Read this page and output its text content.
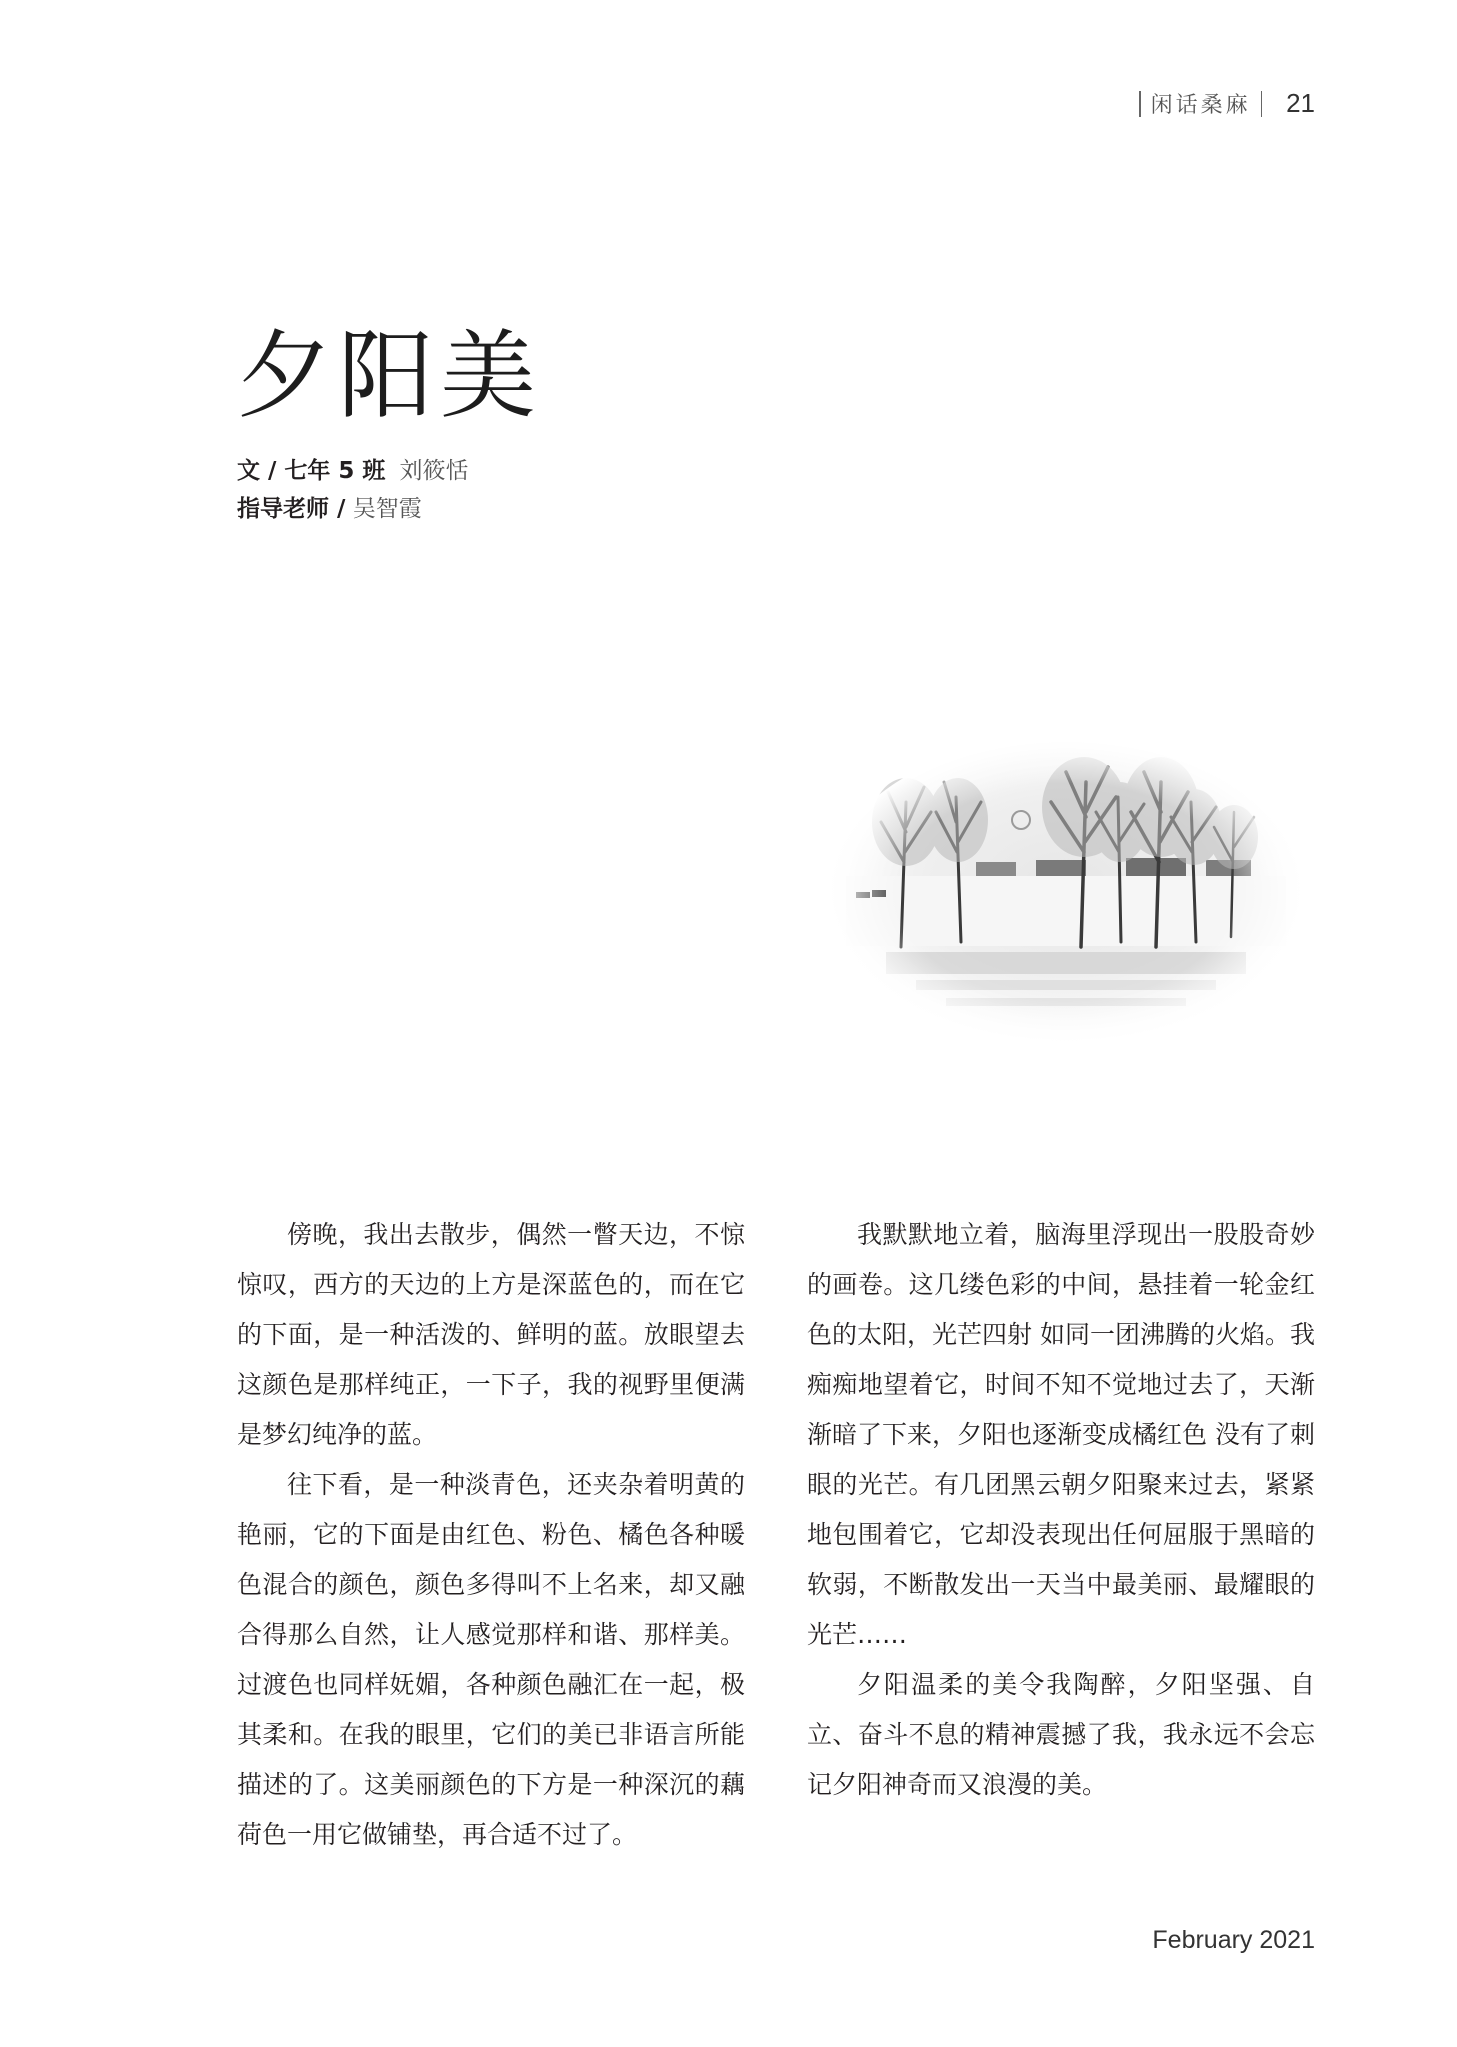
闲话桑麻 21
夕阳美
文 / 七年 5 班 刘筱恬
指导老师 / 吴智霞

傍晚，我出去散步，偶然一瞥天边，不惊惊叹，西方的天边的上方是深蓝色的，而在它的下面，是一种活泼的、鲜明的蓝。放眼望去这颜色是那样纯正，一下子，我的视野里便满是梦幻纯净的蓝。

往下看，是一种淡青色，还夹杂着明黄的艳丽，它的下面是由红色、粉色、橘色各种暖色混合的颜色，颜色多得叫不上名来，却又融合得那么自然，让人感觉那样和谐、那样美。过渡色也同样妩媚，各种颜色融汇在一起，极其柔和。在我的眼里，它们的美已非语言所能描述的了。这美丽颜色的下方是一种深沉的藕荷色一用它做铺垫，再合适不过了。

我默默地立着，脑海里浮现出一股股奇妙的画卷。这几缕色彩的中间，悬挂着一轮金红色的太阳，光芒四射 如同一团沸腾的火焰。我痴痴地望着它，时间不知不觉地过去了，天渐渐暗了下来，夕阳也逐渐变成橘红色 没有了刺眼的光芒。有几团黑云朝夕阳聚来过去，紧紧地包围着它，它却没表现出任何屈服于黑暗的软弱，不断散发出一天当中最美丽、最耀眼的光芒……

夕阳温柔的美令我陶醉，夕阳坚强、自立、奋斗不息的精神震撼了我，我永远不会忘记夕阳神奇而又浪漫的美。

February 2021
